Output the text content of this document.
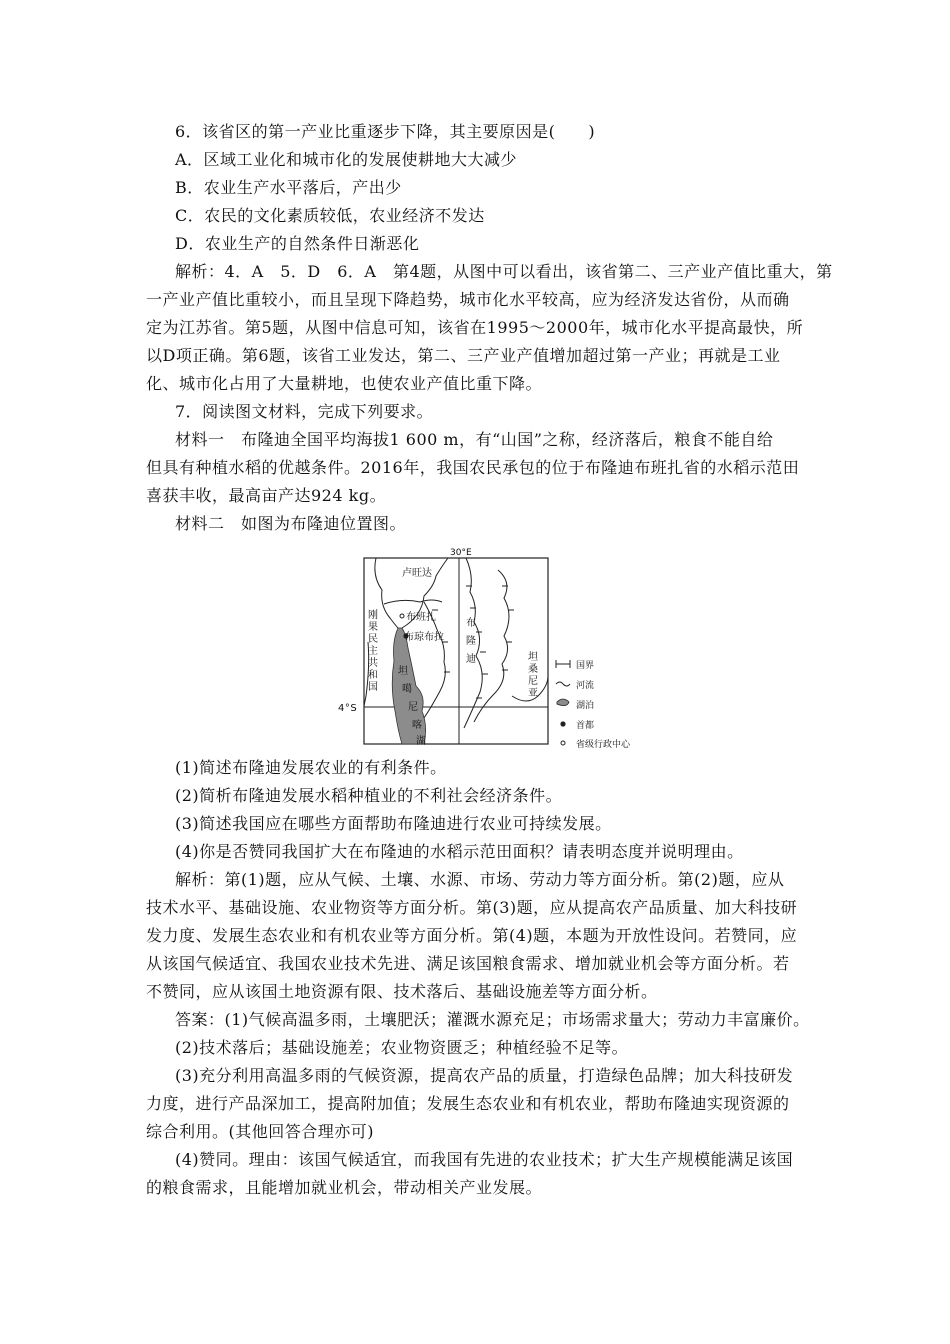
6．该省区的第一产业比重逐步下降，其主要原因是(　　)
A．区域工业化和城市化的发展使耕地大大减少
B．农业生产水平落后，产出少
C．农民的文化素质较低，农业经济不发达
D．农业生产的自然条件日渐恶化
解析：4．A　5．D　6．A　第4题，从图中可以看出，该省第二、三产业产值比重大，第
一产业产值比重较小，而且呈现下降趋势，城市化水平较高，应为经济发达省份，从而确
定为江苏省。第5题，从图中信息可知，该省在1995～2000年，城市化水平提高最快，所
以D项正确。第6题，该省工业发达，第二、三产业产值增加超过第一产业；再就是工业
化、城市化占用了大量耕地，也使农业产值比重下降。
7．阅读图文材料，完成下列要求。
材料一　布隆迪全国平均海拔1 600 m，有“山国”之称，经济落后，粮食不能自给
但具有种植水稻的优越条件。2016年，我国农民承包的位于布隆迪布班扎省的水稻示范田
喜获丰收，最高亩产达924 kg。
材料二　如图为布隆迪位置图。
30°E
卢旺达
布班扎
布琼布拉
刚
果
民
主
共
和
国
布
隆
迪	坦
桑
尼
亚
坦
噶
尼
喀
湖
国界
河流
湖泊
首都
省级行政中心
4°S
(1)简述布隆迪发展农业的有利条件。
(2)简析布隆迪发展水稻种植业的不利社会经济条件。
(3)简述我国应在哪些方面帮助布隆迪进行农业可持续发展。
(4)你是否赞同我国扩大在布隆迪的水稻示范田面积？请表明态度并说明理由。
解析：第(1)题，应从气候、土壤、水源、市场、劳动力等方面分析。第(2)题，应从
技术水平、基础设施、农业物资等方面分析。第(3)题，应从提高农产品质量、加大科技研
发力度、发展生态农业和有机农业等方面分析。第(4)题，本题为开放性设问。若赞同，应
从该国气候适宜、我国农业技术先进、满足该国粮食需求、增加就业机会等方面分析。若
不赞同，应从该国土地资源有限、技术落后、基础设施差等方面分析。
答案：(1)气候高温多雨，土壤肥沃；灌溉水源充足；市场需求量大；劳动力丰富廉价。
(2)技术落后；基础设施差；农业物资匮乏；种植经验不足等。
(3)充分利用高温多雨的气候资源，提高农产品的质量，打造绿色品牌；加大科技研发
力度，进行产品深加工，提高附加值；发展生态农业和有机农业，帮助布隆迪实现资源的
综合利用。(其他回答合理亦可)
(4)赞同。理由：该国气候适宜，而我国有先进的农业技术；扩大生产规模能满足该国
的粮食需求，且能增加就业机会，带动相关产业发展。
